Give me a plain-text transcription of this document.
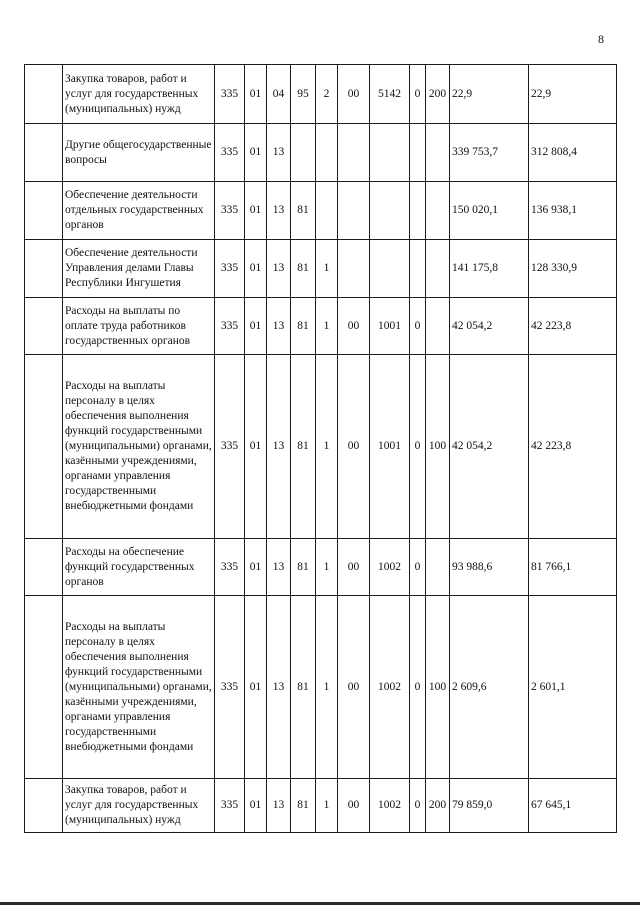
8
	Закупка товаров, работ и услуг для государственных (муниципальных) нужд	335	01	04	95	2	00	5142	0	200	22,9	22,9
	Другие общегосударственные вопросы	335	01	13							339 753,7	312 808,4
	Обеспечение деятельности отдельных государственных органов	335	01	13	81						150 020,1	136 938,1
	Обеспечение деятельности Управления делами Главы Республики Ингушетия	335	01	13	81	1					141 175,8	128 330,9
	Расходы на выплаты по оплате труда работников государственных органов	335	01	13	81	1	00	1001	0		42 054,2	42 223,8
	Расходы на выплаты персоналу в целях обеспечения выполнения функций государственными (муниципальными) органами, казёнными учреждениями, органами управления государственными внебюджетными фондами	335	01	13	81	1	00	1001	0	100	42 054,2	42 223,8
	Расходы на обеспечение функций государственных органов	335	01	13	81	1	00	1002	0		93 988,6	81 766,1
	Расходы на выплаты персоналу в целях обеспечения выполнения функций государственными (муниципальными) органами, казёнными учреждениями, органами управления государственными внебюджетными фондами	335	01	13	81	1	00	1002	0	100	2 609,6	2 601,1
	Закупка товаров, работ и услуг для государственных (муниципальных) нужд	335	01	13	81	1	00	1002	0	200	79 859,0	67 645,1
